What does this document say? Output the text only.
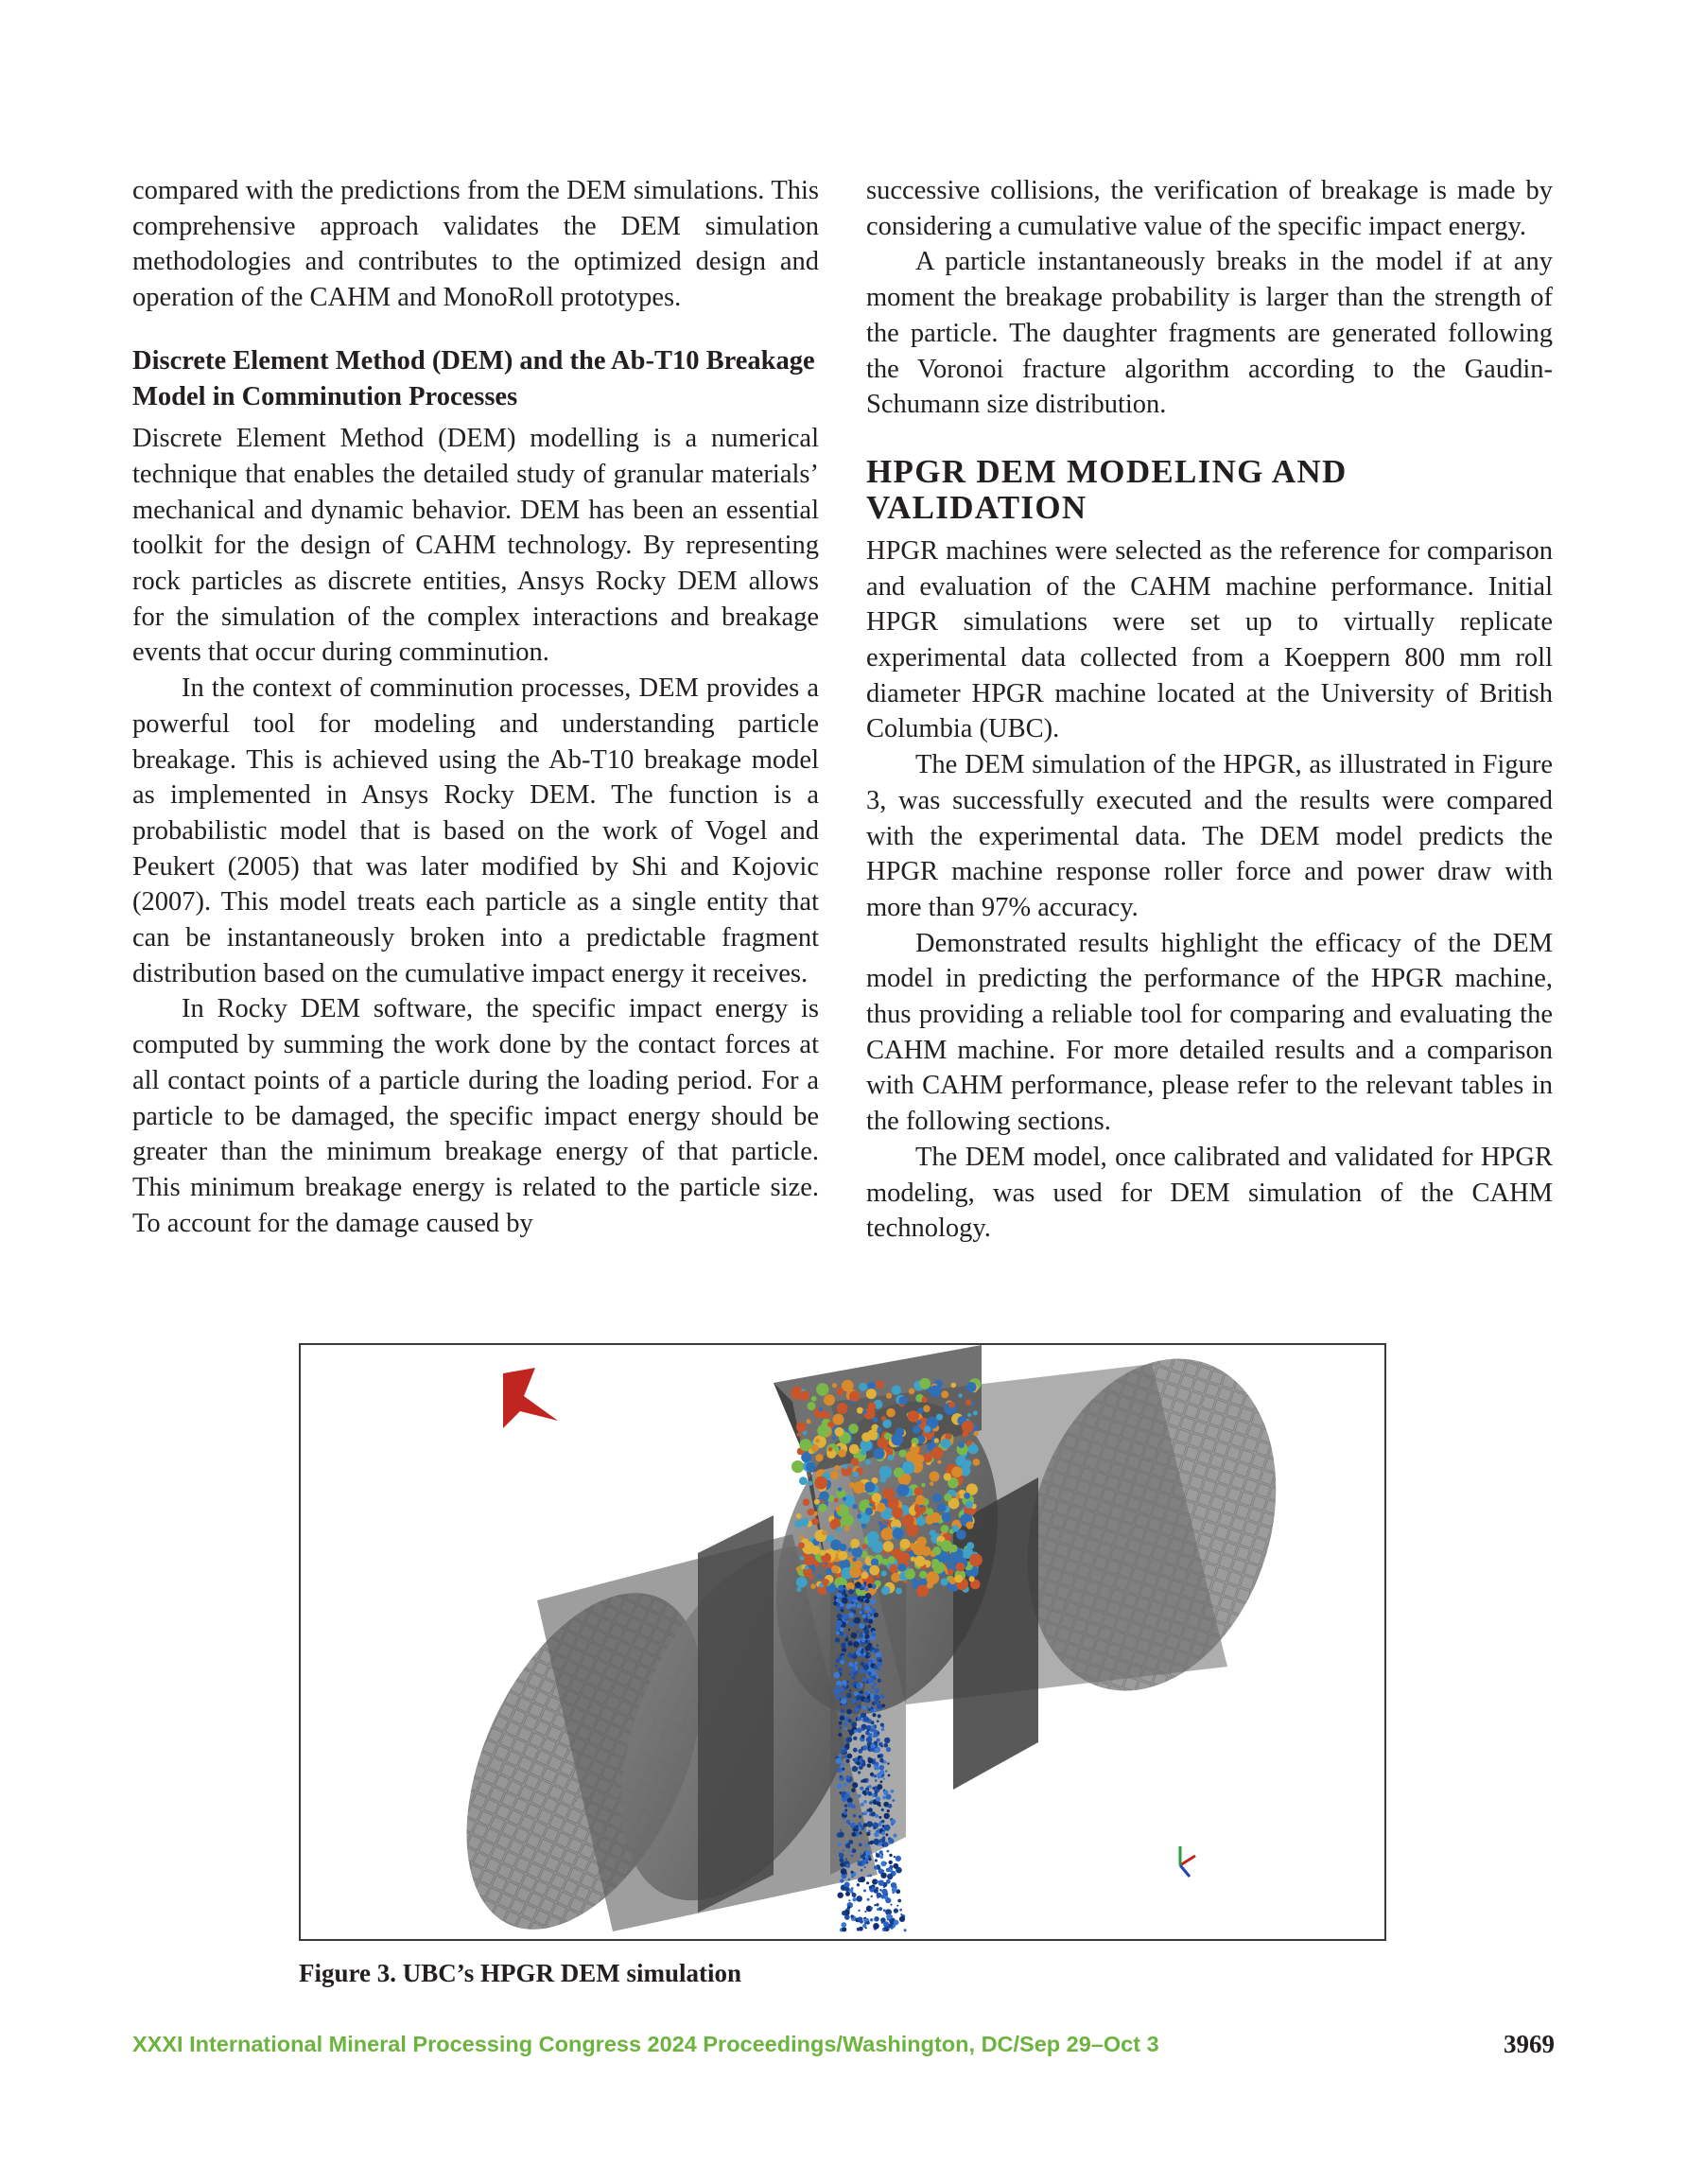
compared with the predictions from the DEM simulations. This comprehensive approach validates the DEM simulation methodologies and contributes to the optimized design and operation of the CAHM and MonoRoll prototypes.

Discrete Element Method (DEM) and the Ab-T10 Breakage Model in Comminution Processes

Discrete Element Method (DEM) modelling is a numerical technique that enables the detailed study of granular materials’ mechanical and dynamic behavior. DEM has been an essential toolkit for the design of CAHM technology. By representing rock particles as discrete entities, Ansys Rocky DEM allows for the simulation of the complex interactions and breakage events that occur during comminution.

In the context of comminution processes, DEM provides a powerful tool for modeling and understanding particle breakage. This is achieved using the Ab-T10 breakage model as implemented in Ansys Rocky DEM. The function is a probabilistic model that is based on the work of Vogel and Peukert (2005) that was later modified by Shi and Kojovic (2007). This model treats each particle as a single entity that can be instantaneously broken into a predictable fragment distribution based on the cumulative impact energy it receives.

In Rocky DEM software, the specific impact energy is computed by summing the work done by the contact forces at all contact points of a particle during the loading period. For a particle to be damaged, the specific impact energy should be greater than the minimum breakage energy of that particle. This minimum breakage energy is related to the particle size. To account for the damage caused by

successive collisions, the verification of breakage is made by considering a cumulative value of the specific impact energy.

A particle instantaneously breaks in the model if at any moment the breakage probability is larger than the strength of the particle. The daughter fragments are generated following the Voronoi fracture algorithm according to the Gaudin-Schumann size distribution.

HPGR DEM MODELING AND
VALIDATION

HPGR machines were selected as the reference for comparison and evaluation of the CAHM machine performance. Initial HPGR simulations were set up to virtually replicate experimental data collected from a Koeppern 800 mm roll diameter HPGR machine located at the University of British Columbia (UBC).

The DEM simulation of the HPGR, as illustrated in Figure 3, was successfully executed and the results were compared with the experimental data. The DEM model predicts the HPGR machine response roller force and power draw with more than 97% accuracy.

Demonstrated results highlight the efficacy of the DEM model in predicting the performance of the HPGR machine, thus providing a reliable tool for comparing and evaluating the CAHM machine. For more detailed results and a comparison with CAHM performance, please refer to the relevant tables in the following sections.

The DEM model, once calibrated and validated for HPGR modeling, was used for DEM simulation of the CAHM technology.

Figure 3. UBC’s HPGR DEM simulation
XXXI International Mineral Processing Congress 2024 Proceedings/Washington, DC/Sep 29–Oct 3	3969
